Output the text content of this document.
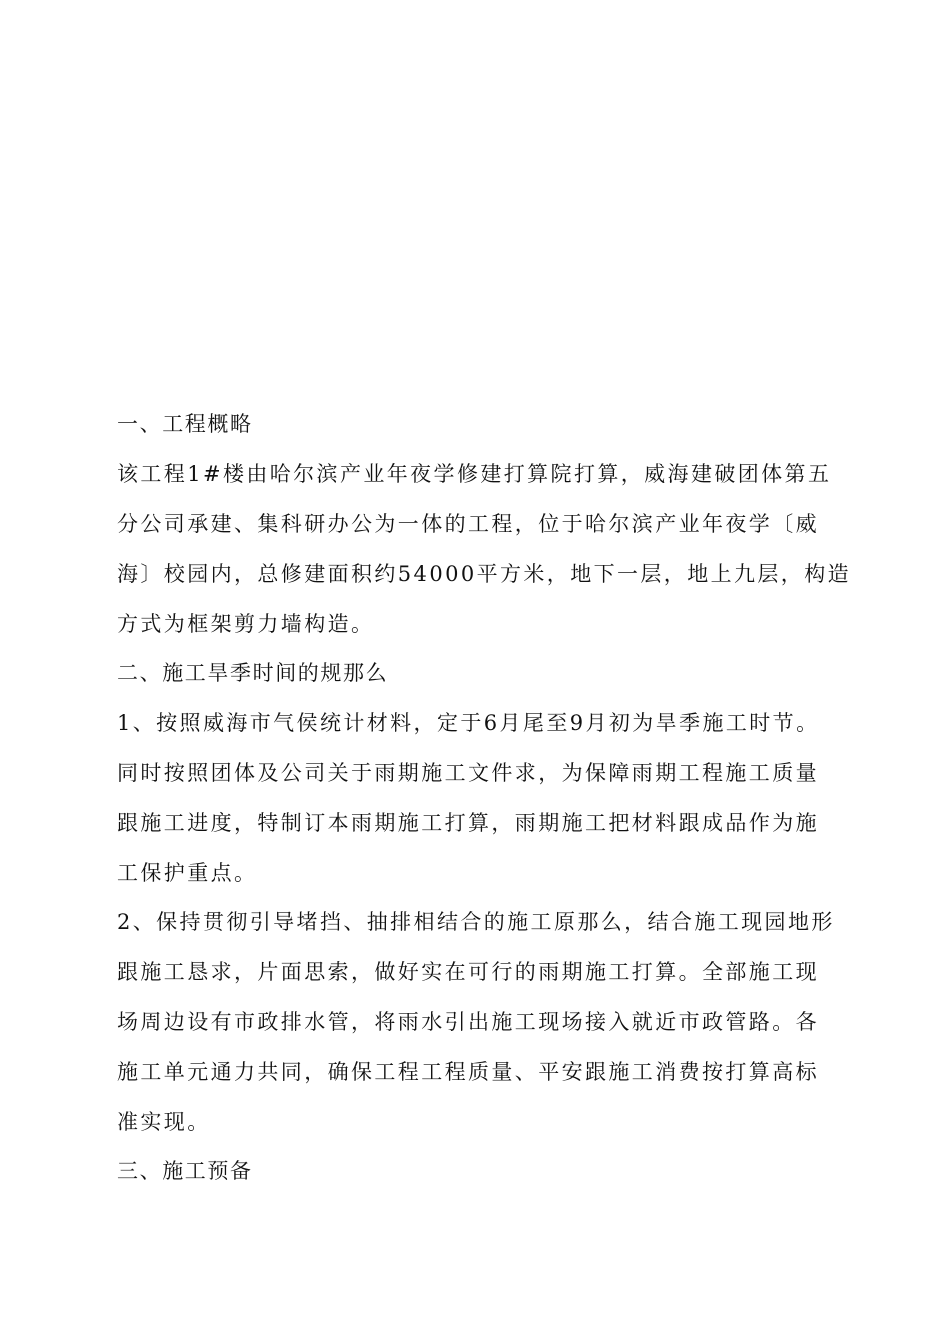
一、工程概略

该工程1#楼由哈尔滨产业年夜学修建打算院打算，威海建破团体第五

分公司承建、集科研办公为一体的工程，位于哈尔滨产业年夜学〔威

海〕校园内，总修建面积约54000平方米，地下一层，地上九层，构造

方式为框架剪力墙构造。

二、施工旱季时间的规那么

1、按照威海市气侯统计材料，定于6月尾至9月初为旱季施工时节。

同时按照团体及公司关于雨期施工文件求，为保障雨期工程施工质量

跟施工进度，特制订本雨期施工打算，雨期施工把材料跟成品作为施

工保护重点。

2、保持贯彻引导堵挡、抽排相结合的施工原那么，结合施工现园地形

跟施工恳求，片面思索，做好实在可行的雨期施工打算。全部施工现

场周边设有市政排水管，将雨水引出施工现场接入就近市政管路。各

施工单元通力共同，确保工程工程质量、平安跟施工消费按打算高标

准实现。

三、施工预备
